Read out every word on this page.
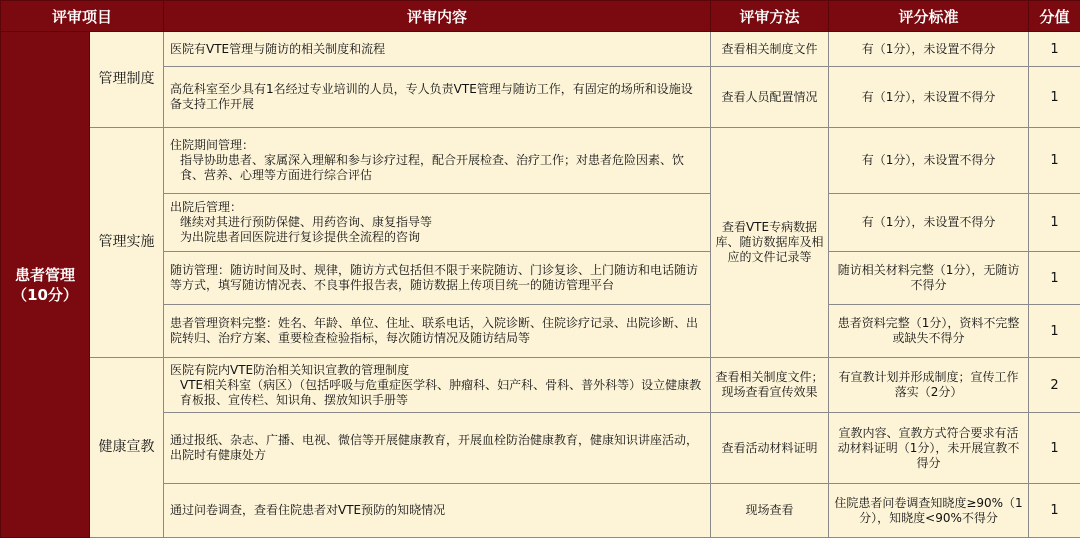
评审项目		评审内容	评审方法	评分标准	分值

患者管理
（10分）	管理制度	医院有VTE管理与随访的相关制度和流程	查看相关制度文件	有（1分），未设置不得分	1

		高危科室至少具有1名经过专业培训的人员，专人负责VTE管理与随访工作，有固定的场所和设施设备支持工作开展	查看人员配置情况	有（1分），未设置不得分	1
	管理实施	住院期间管理：
指导协助患者、家属深入理解和参与诊疗过程，配合开展检查、治疗工作；对患者危险因素、饮食、营养、心理等方面进行综合评估	查看VTE专病数据库、随访数据库及相应的文件记录等	有（1分），未设置不得分	1

		出院后管理：
继续对其进行预防保健、用药咨询、康复指导等
为出院患者回医院进行复诊提供全流程的咨询		有（1分），未设置不得分	1

		随访管理：随访时间及时、规律，随访方式包括但不限于来院随访、门诊复诊、上门随访和电话随访等方式，填写随访情况表、不良事件报告表，随访数据上传项目统一的随访管理平台		随访相关材料完整（1分），无随访不得分	1

		患者管理资料完整：姓名、年龄、单位、住址、联系电话，入院诊断、住院诊疗记录、出院诊断、出院转归、治疗方案、重要检查检验指标，每次随访情况及随访结局等		患者资料完整（1分），资料不完整或缺失不得分	1
	健康宣教	医院有院内VTE防治相关知识宣教的管理制度
VTE相关科室（病区）（包括呼吸与危重症医学科、肿瘤科、妇产科、骨科、普外科等）设立健康教育板报、宣传栏、知识角、摆放知识手册等	查看相关制度文件；现场查看宣传效果	有宣教计划并形成制度；宣传工作落实（2分）	2

		通过报纸、杂志、广播、电视、微信等开展健康教育，开展血栓防治健康教育，健康知识讲座活动，出院时有健康处方	查看活动材料证明	宣教内容、宣教方式符合要求有活动材料证明（1分），未开展宣教不得分	1

		通过问卷调查，查看住院患者对VTE预防的知晓情况	现场查看	住院患者问卷调查知晓度≥90%（1分），知晓度<90%不得分	1
